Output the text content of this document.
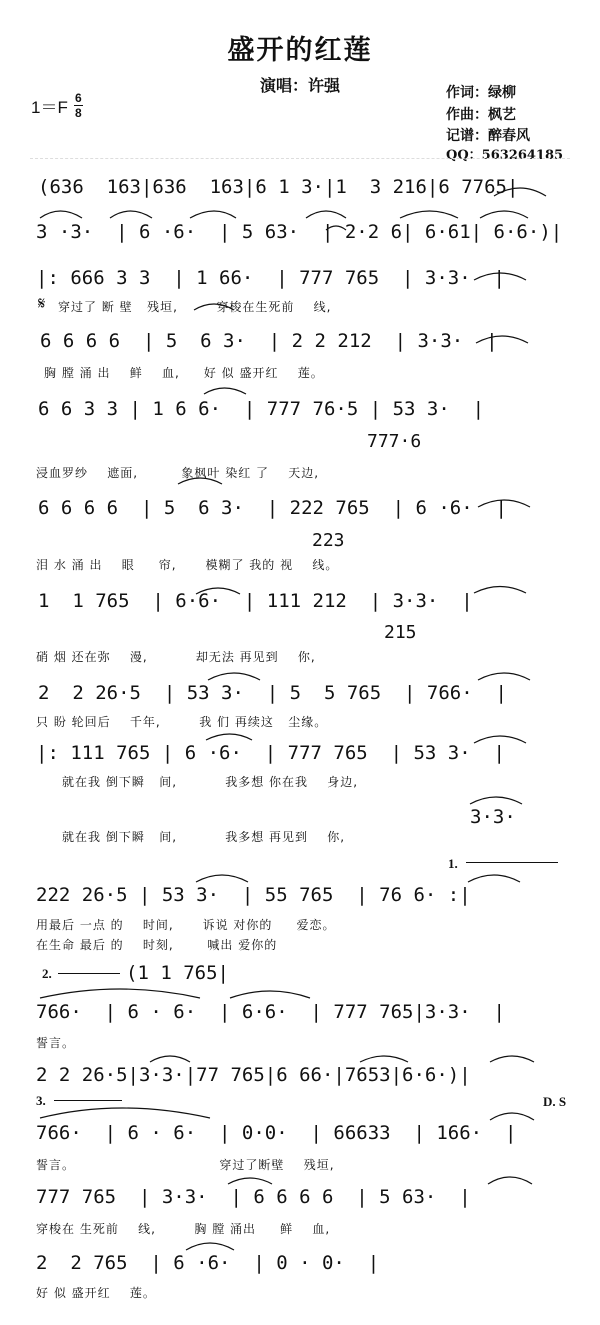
盛开的红莲
演唱：许强
$1=F \frac{6}{8}$	作词：绿柳
作曲：枫艺
记谱：醉春风
QQ：563264185
(636  163|636  163|6 1 3·|1  3 216|6 7765|
3 ·3·  | 6 ·6·  | 5 63·  | 2·2 6| 6·61| 6·6·)|
|: 666 3 3  | 1 66·  | 777 765  | 3·3·  |
𝄋 穿过了 断 壁   残垣,        穿梭在生死前    线,
6 6 6 6  | 5  6 3·  | 2 2 212  | 3·3·  |
胸 膛 涌 出    鲜    血,     好 似 盛开红    莲。
6 6 3 3 | 1 6 6·  | 777 76·5 | 53 3·  |
777·6
浸血罗纱    遮面,         象枫叶 染红 了    天边,
6 6 6 6  | 5  6 3·  | 222 765  | 6 ·6·  |
223
泪 水 涌 出    眼     帘,      模糊了 我的 视    线。
1  1 765  | 6·6·  | 111 212  | 3·3·  |
215
硝 烟 还在弥    漫,          却无法 再见到    你,
2  2 26·5  | 53 3·  | 5  5 765  | 766·  |
只 盼 轮回后    千年,        我 们 再续这   尘缘。
|: 111 765 | 6 ·6·  | 777 765  | 53 3·  |
就在我 倒下瞬   间,          我多想 你在我    身边,
3·3·
就在我 倒下瞬   间,          我多想 再见到    你,
1.
222 26·5 | 53 3·  | 55 765  | 76 6· :|
用最后 一点 的    时间,      诉说 对你的     爱恋。
在生命 最后 的    时刻,       喊出 爱你的
2.	(1 1 765|
766·  | 6 · 6·  | 6·6·  | 777 765|3·3·  |
誓言。
2 2 26·5|3·3·|77 765|6 66·|7653|6·6·)|
3.	D. S
766·  | 6 · 6·  | 0·0·  | 66633  | 166·  |
誓言。                              穿过了断壁    残垣,
777 765  | 3·3·  | 6 6 6 6  | 5 63·  |
穿梭在 生死前    线,        胸 膛 涌出     鲜    血,
2  2 765  | 6 ·6·  | 0 · 0·  |
好 似 盛开红    莲。
